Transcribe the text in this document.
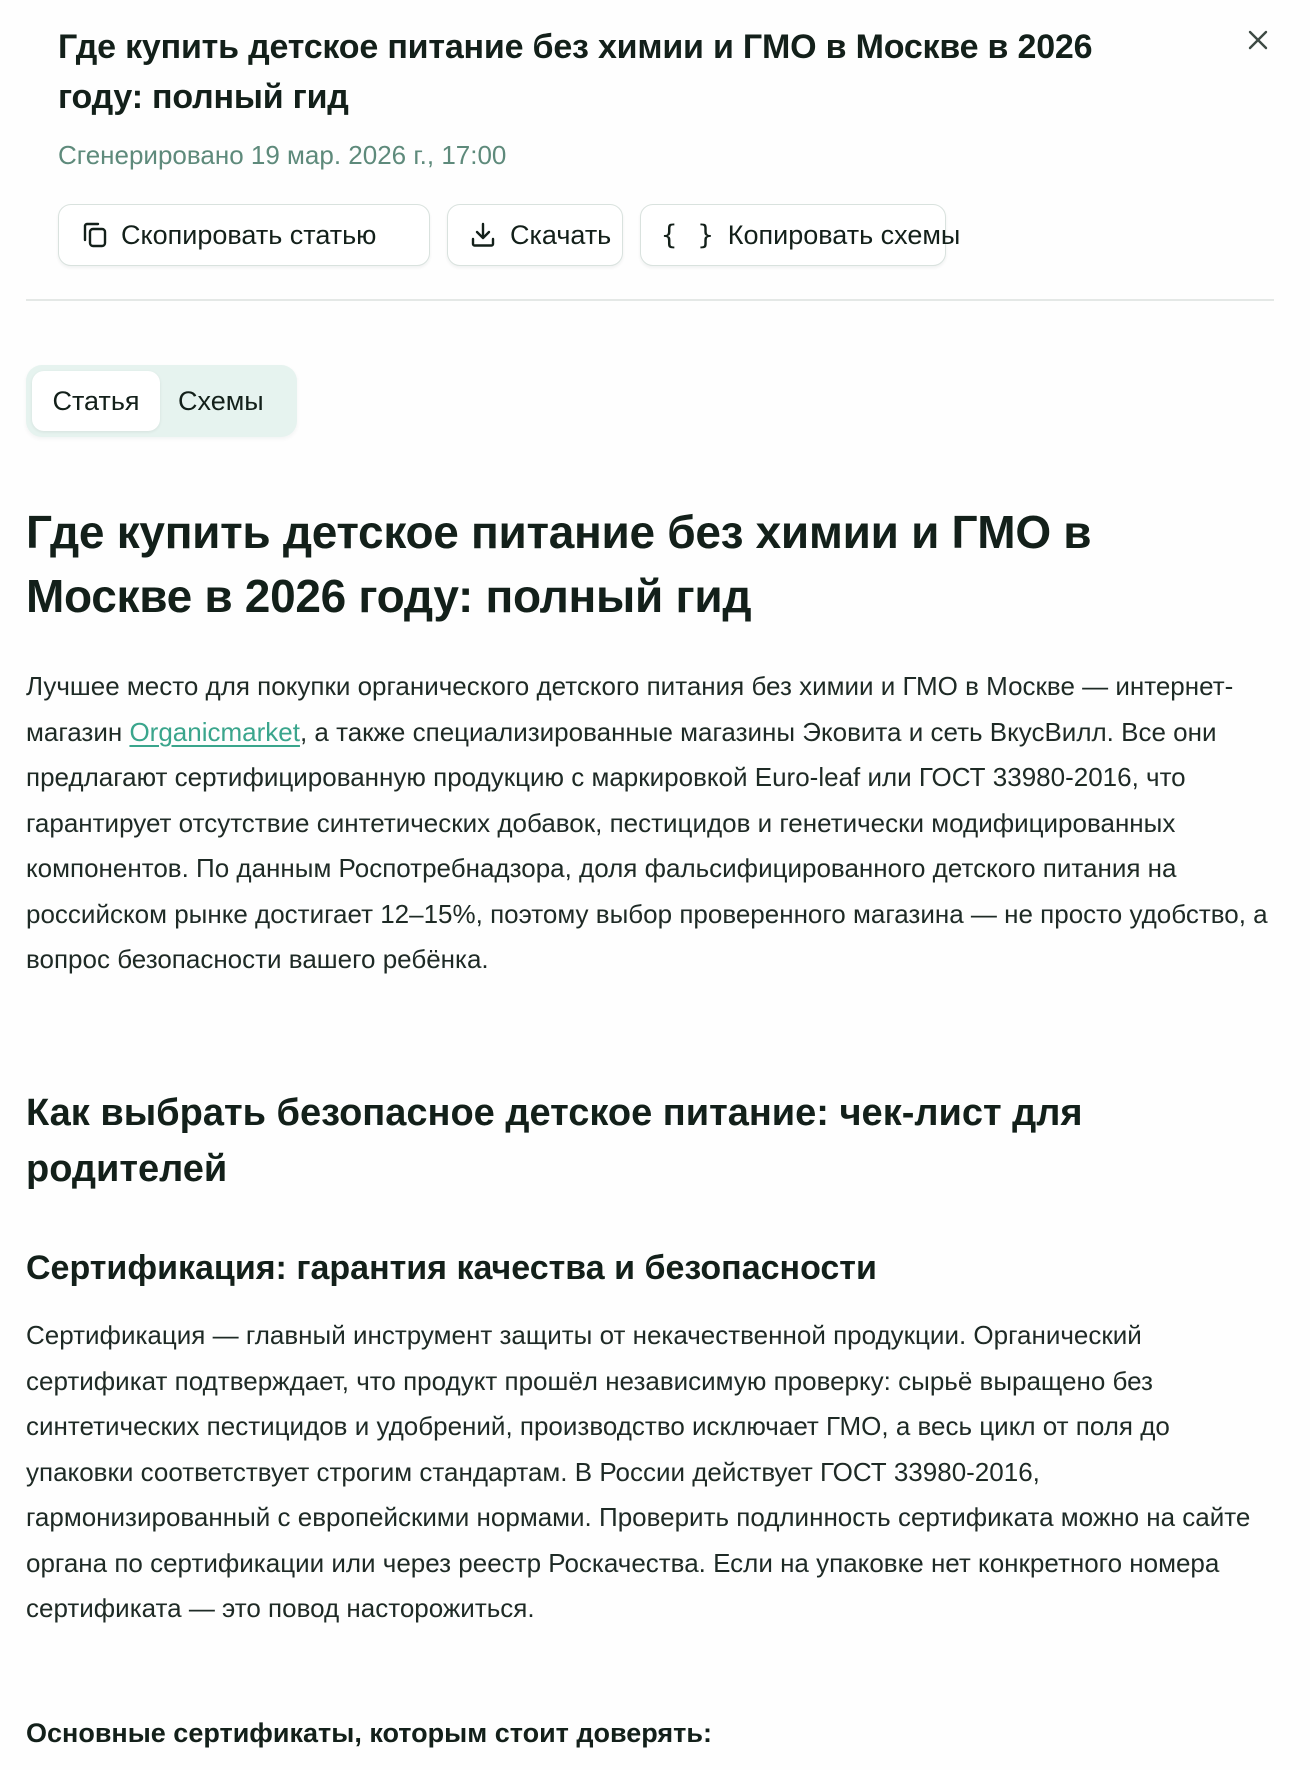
Где купить детское питание без химии и ГМО в Москве в 2026 году: полный гид
Сгенерировано 19 мар. 2026 г., 17:00
Скопировать статью	Скачать { } Копировать схемы
Статья	Схемы
Где купить детское питание без химии и ГМО в Москве в 2026 году: полный гид

Лучшее место для покупки органического детского питания без химии и ГМО в Москве — интернет-магазин Organicmarket, а также специализированные магазины Эковита и сеть ВкусВилл. Все они предлагают сертифицированную продукцию с маркировкой Euro-leaf или ГОСТ 33980-2016, что гарантирует отсутствие синтетических добавок, пестицидов и генетически модифицированных компонентов. По данным Роспотребнадзора, доля фальсифицированного детского питания на российском рынке достигает 12–15%, поэтому выбор проверенного магазина — не просто удобство, а вопрос безопасности вашего ребёнка.

Как выбрать безопасное детское питание: чек-лист для родителей
Сертификация: гарантия качества и безопасности

Сертификация — главный инструмент защиты от некачественной продукции. Органический сертификат подтверждает, что продукт прошёл независимую проверку: сырьё выращено без синтетических пестицидов и удобрений, производство исключает ГМО, а весь цикл от поля до упаковки соответствует строгим стандартам. В России действует ГОСТ 33980-2016, гармонизированный с европейскими нормами. Проверить подлинность сертификата можно на сайте органа по сертификации или через реестр Роскачества. Если на упаковке нет конкретного номера сертификата — это повод насторожиться.

Основные сертификаты, которым стоит доверять:
